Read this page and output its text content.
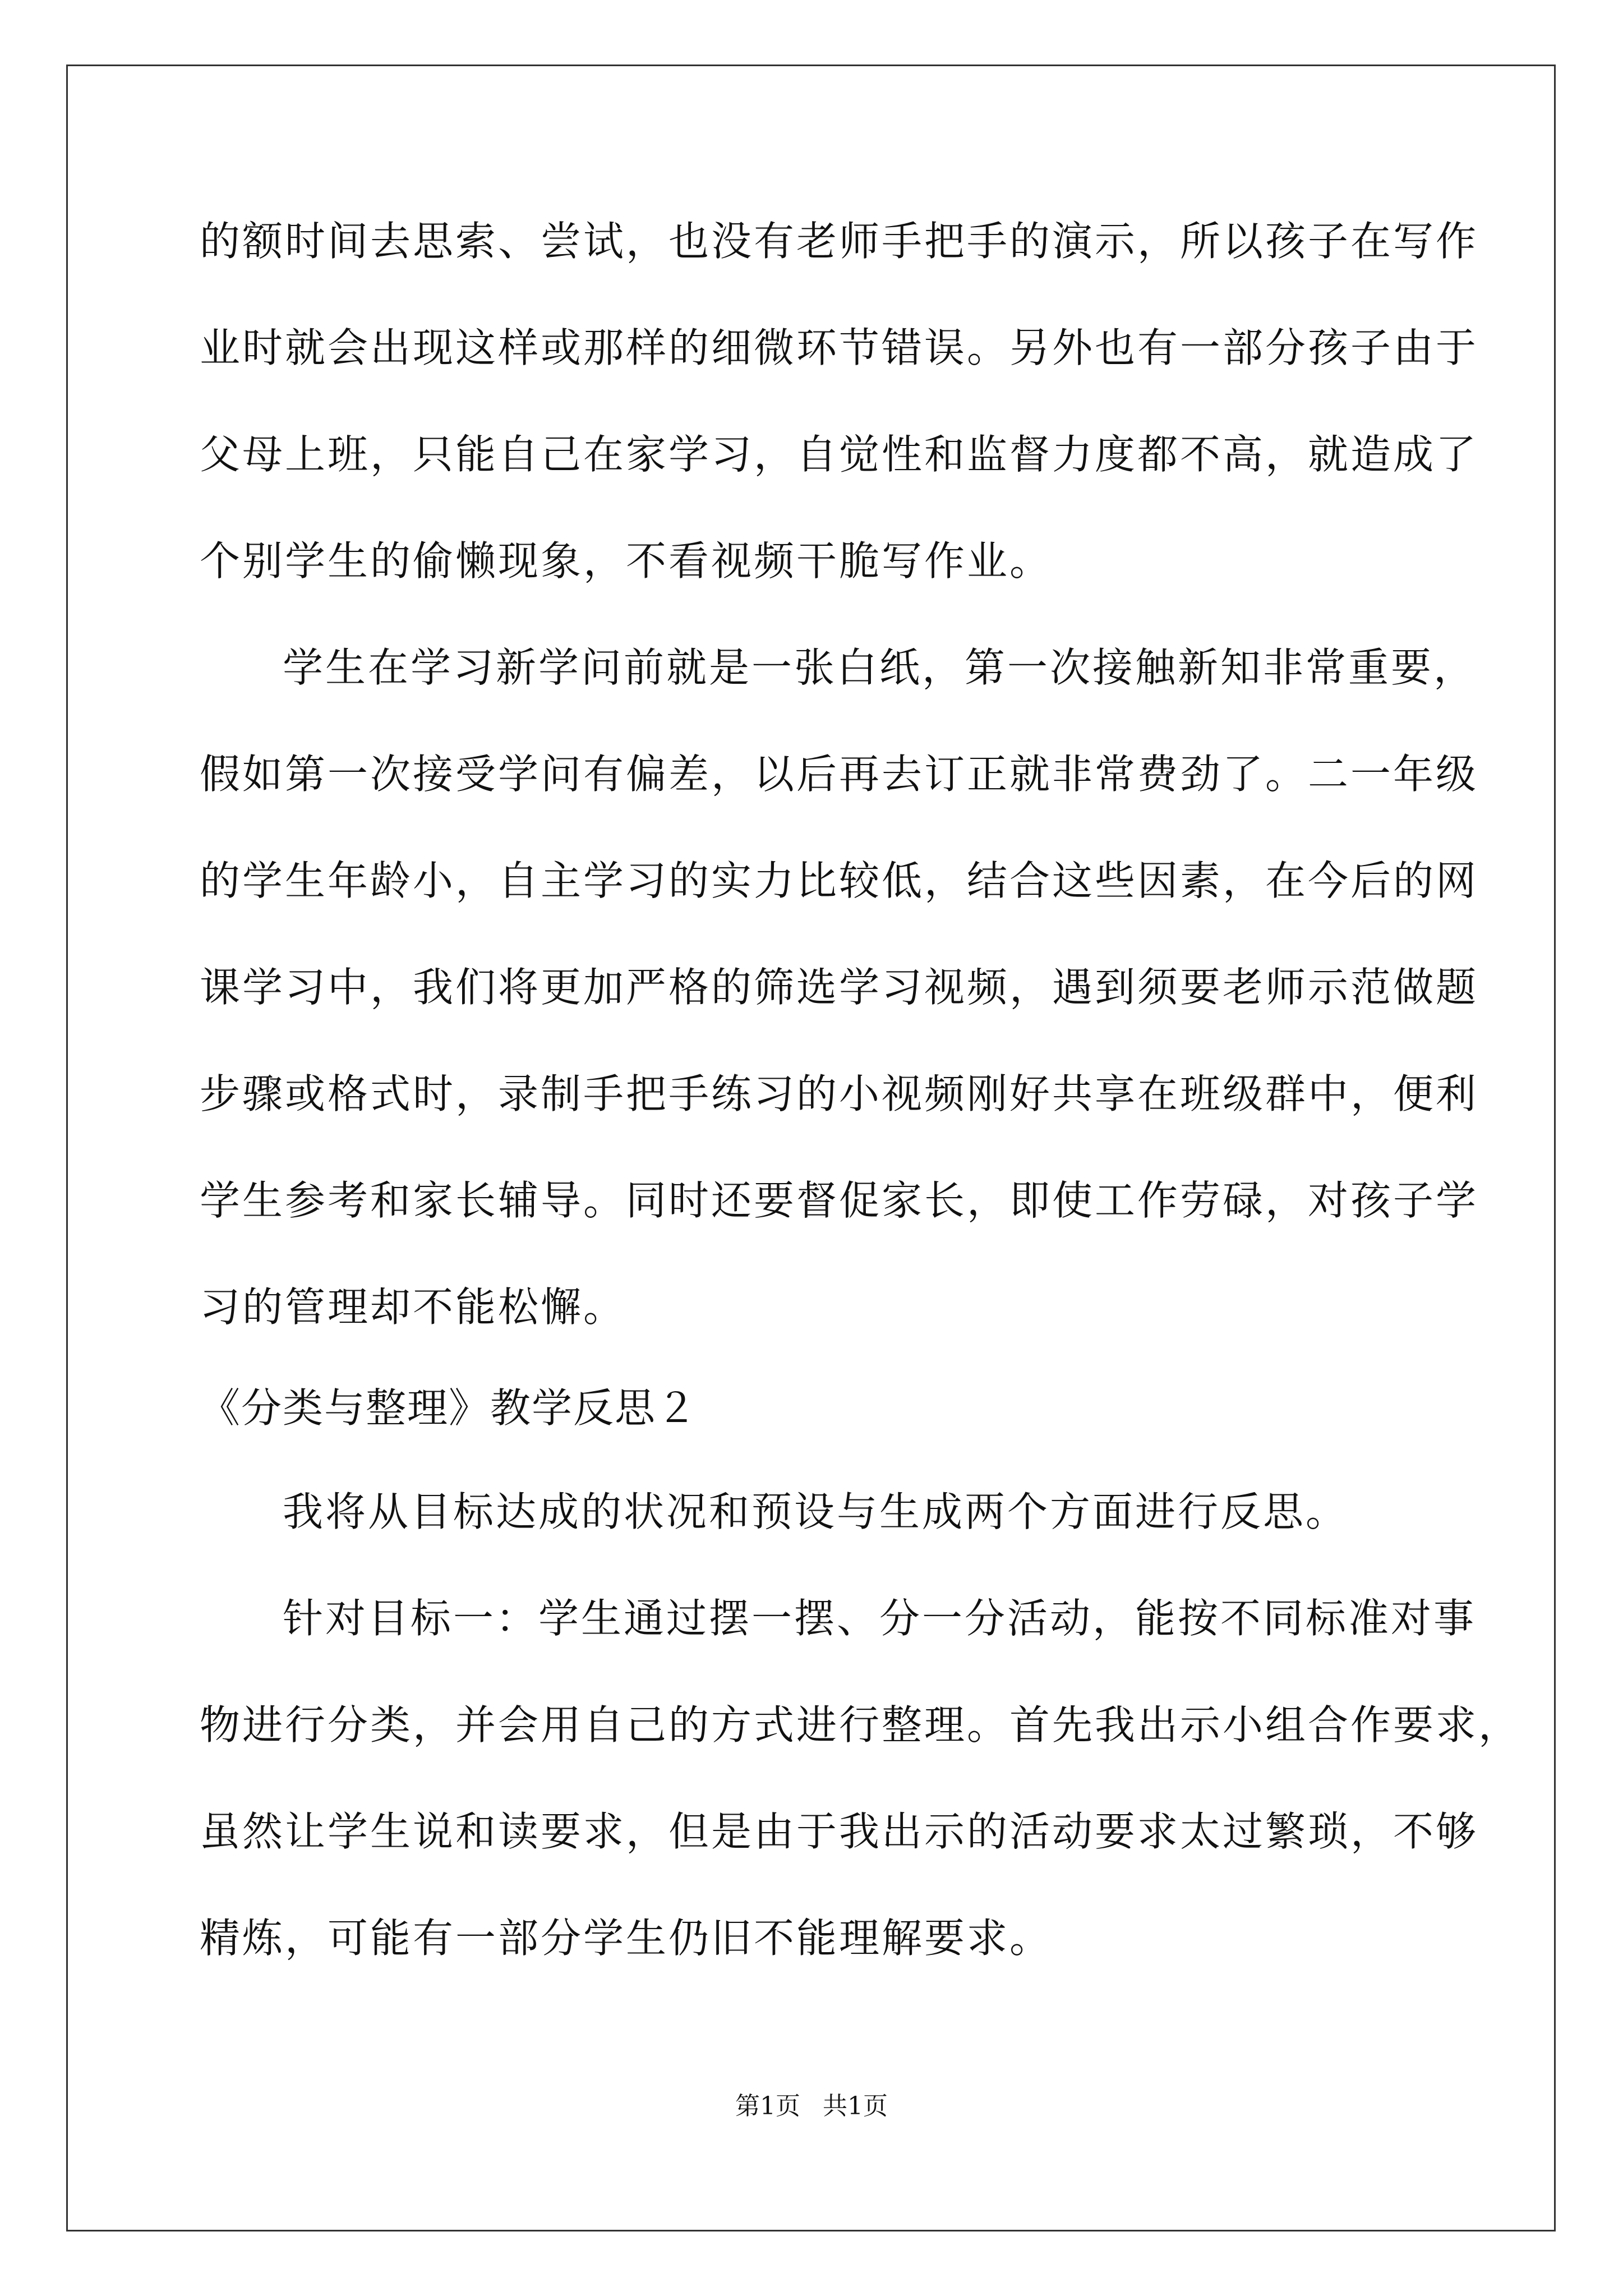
的额时间去思索、尝试，也没有老师手把手的演示，所以孩子在写作
业时就会出现这样或那样的细微环节错误。另外也有一部分孩子由于
父母上班，只能自己在家学习，自觉性和监督力度都不高，就造成了
个别学生的偷懒现象，不看视频干脆写作业。
学生在学习新学问前就是一张白纸，第一次接触新知非常重要，
假如第一次接受学问有偏差，以后再去订正就非常费劲了。二一年级
的学生年龄小，自主学习的实力比较低，结合这些因素，在今后的网
课学习中，我们将更加严格的筛选学习视频，遇到须要老师示范做题
步骤或格式时，录制手把手练习的小视频刚好共享在班级群中，便利
学生参考和家长辅导。同时还要督促家长，即使工作劳碌，对孩子学
习的管理却不能松懈。
《分类与整理》教学反思２
我将从目标达成的状况和预设与生成两个方面进行反思。
针对目标一：学生通过摆一摆、分一分活动，能按不同标准对事
物进行分类，并会用自己的方式进行整理。首先我出示小组合作要求，
虽然让学生说和读要求，但是由于我出示的活动要求太过繁琐，不够
精炼，可能有一部分学生仍旧不能理解要求。
第1页 共1页
